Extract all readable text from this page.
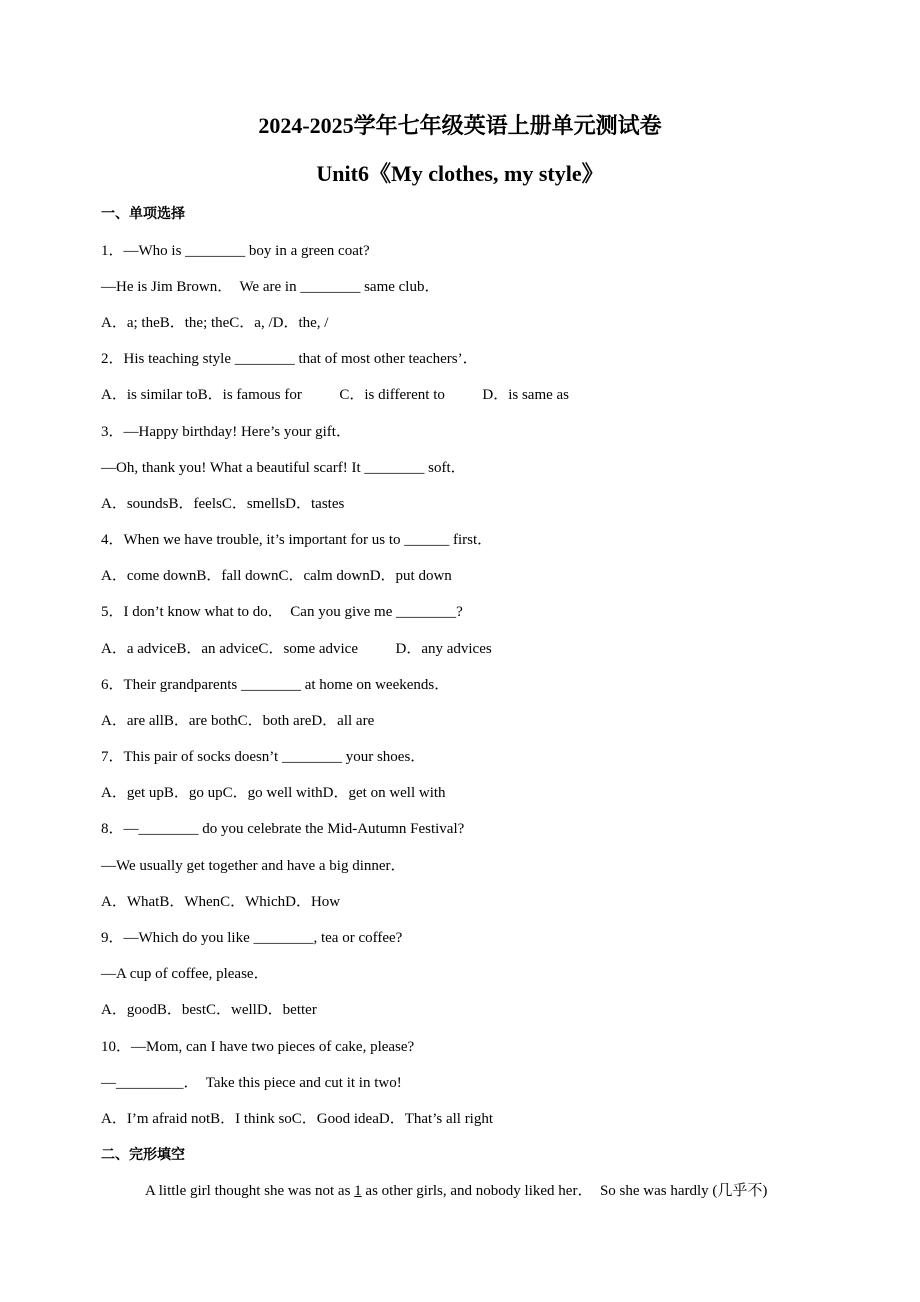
2024-2025学年七年级英语上册单元测试卷
Unit6《My clothes, my style》
一、单项选择
1．—Who is ________ boy in a green coat?
—He is Jim Brown．  We are in ________ same club．
A．a; theB．the; theC．a, /D．the, /
2．His teaching style ________ that of most other teachers’．
A．is similar toB．is famous for          C．is different to          D．is same as
3．—Happy birthday! Here’s your gift．
—Oh, thank you! What a beautiful scarf! It ________ soft．
A．soundsB．feelsC．smellsD．tastes
4．When we have trouble, it’s important for us to ______ first．
A．come downB．fall downC．calm downD．put down
5．I don’t know what to do．  Can you give me ________?
A．a adviceB．an adviceC．some advice          D．any advices
6．Their grandparents ________ at home on weekends．
A．are allB．are bothC．both areD．all are
7．This pair of socks doesn’t ________ your shoes．
A．get upB．go upC．go well withD．get on well with
8．—________ do you celebrate the Mid-Autumn Festival?
—We usually get together and have a big dinner．
A．WhatB．WhenC．WhichD．How
9．—Which do you like ________, tea or coffee?
—A cup of coffee, please．
A．goodB．bestC．wellD．better
10．—Mom, can I have two pieces of cake, please?
—_________．  Take this piece and cut it in two!
A．I’m afraid notB．I think soC．Good ideaD．That’s all right
二、完形填空
A little girl thought she was not as 1 as other girls, and nobody liked her．  So she was hardly (几乎不)
